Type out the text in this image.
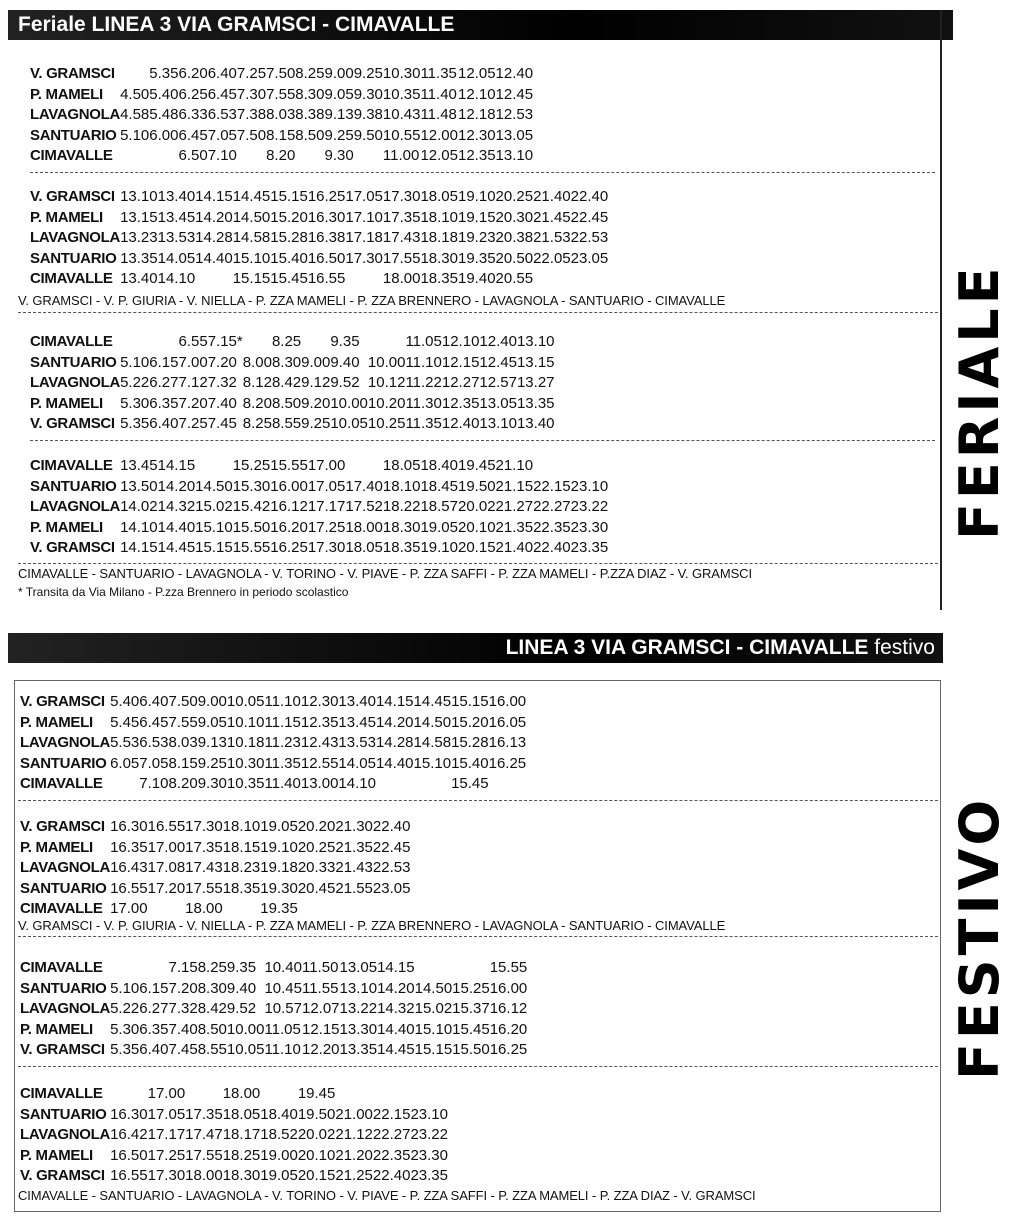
Feriale LINEA 3 VIA GRAMSCI - CIMAVALLE
V. GRAMSCI		5.35	6.20	6.40	7.25	7.50	8.25	9.00	9.25	10.30	11.35	12.05	12.40
P. MAMELI	4.50	5.40	6.25	6.45	7.30	7.55	8.30	9.05	9.30	10.35	11.40	12.10	12.45
LAVAGNOLA	4.58	5.48	6.33	6.53	7.38	8.03	8.38	9.13	9.38	10.43	11.48	12.18	12.53
SANTUARIO	5.10	6.00	6.45	7.05	7.50	8.15	8.50	9.25	9.50	10.55	12.00	12.30	13.05
CIMAVALLE			6.50	7.10		8.20		9.30		11.00	12.05	12.35	13.10
V. GRAMSCI	13.10	13.40	14.15	14.45	15.15	16.25	17.05	17.30	18.05	19.10	20.25	21.40	22.40
P. MAMELI	13.15	13.45	14.20	14.50	15.20	16.30	17.10	17.35	18.10	19.15	20.30	21.45	22.45
LAVAGNOLA	13.23	13.53	14.28	14.58	15.28	16.38	17.18	17.43	18.18	19.23	20.38	21.53	22.53
SANTUARIO	13.35	14.05	14.40	15.10	15.40	16.50	17.30	17.55	18.30	19.35	20.50	22.05	23.05
CIMAVALLE	13.40	14.10		15.15	15.45	16.55		18.00	18.35	19.40	20.55		
CIMAVALLE			6.55	7.15*		8.25		9.35		11.05	12.10	12.40	13.10
SANTUARIO	5.10	6.15	7.00	7.20	8.00	8.30	9.00	9.40	10.00	11.10	12.15	12.45	13.15
LAVAGNOLA	5.22	6.27	7.12	7.32	8.12	8.42	9.12	9.52	10.12	11.22	12.27	12.57	13.27
P. MAMELI	5.30	6.35	7.20	7.40	8.20	8.50	9.20	10.00	10.20	11.30	12.35	13.05	13.35
V. GRAMSCI	5.35	6.40	7.25	7.45	8.25	8.55	9.25	10.05	10.25	11.35	12.40	13.10	13.40
CIMAVALLE	13.45	14.15		15.25	15.55	17.00		18.05	18.40	19.45	21.10		
SANTUARIO	13.50	14.20	14.50	15.30	16.00	17.05	17.40	18.10	18.45	19.50	21.15	22.15	23.10
LAVAGNOLA	14.02	14.32	15.02	15.42	16.12	17.17	17.52	18.22	18.57	20.02	21.27	22.27	23.22
P. MAMELI	14.10	14.40	15.10	15.50	16.20	17.25	18.00	18.30	19.05	20.10	21.35	22.35	23.30
V. GRAMSCI	14.15	14.45	15.15	15.55	16.25	17.30	18.05	18.35	19.10	20.15	21.40	22.40	23.35
V. GRAMSCI - V. P. GIURIA - V. NIELLA - P. ZZA MAMELI - P. ZZA BRENNERO - LAVAGNOLA - SANTUARIO - CIMAVALLE
CIMAVALLE - SANTUARIO - LAVAGNOLA - V. TORINO - V. PIAVE - P. ZZA SAFFI - P. ZZA MAMELI - P.ZZA DIAZ - V. GRAMSCI
* Transita da Via Milano - P.zza Brennero in periodo scolastico
FERIALE
LINEA 3 VIA GRAMSCI - CIMAVALLE festivo
V. GRAMSCI	5.40	6.40	7.50	9.00	10.05	11.10	12.30	13.40	14.15	14.45	15.15	16.00
P. MAMELI	5.45	6.45	7.55	9.05	10.10	11.15	12.35	13.45	14.20	14.50	15.20	16.05
LAVAGNOLA	5.53	6.53	8.03	9.13	10.18	11.23	12.43	13.53	14.28	14.58	15.28	16.13
SANTUARIO	6.05	7.05	8.15	9.25	10.30	11.35	12.55	14.05	14.40	15.10	15.40	16.25
CIMAVALLE		7.10	8.20	9.30	10.35	11.40	13.00	14.10			15.45	
V. GRAMSCI	16.30	16.55	17.30	18.10	19.05	20.20	21.30	22.40				
P. MAMELI	16.35	17.00	17.35	18.15	19.10	20.25	21.35	22.45				
LAVAGNOLA	16.43	17.08	17.43	18.23	19.18	20.33	21.43	22.53				
SANTUARIO	16.55	17.20	17.55	18.35	19.30	20.45	21.55	23.05				
CIMAVALLE	17.00		18.00		19.35							
CIMAVALLE			7.15	8.25	9.35	10.40	11.50	13.05	14.15			15.55
SANTUARIO	5.10	6.15	7.20	8.30	9.40	10.45	11.55	13.10	14.20	14.50	15.25	16.00
LAVAGNOLA	5.22	6.27	7.32	8.42	9.52	10.57	12.07	13.22	14.32	15.02	15.37	16.12
P. MAMELI	5.30	6.35	7.40	8.50	10.00	11.05	12.15	13.30	14.40	15.10	15.45	16.20
V. GRAMSCI	5.35	6.40	7.45	8.55	10.05	11.10	12.20	13.35	14.45	15.15	15.50	16.25
CIMAVALLE		17.00		18.00		19.45						
SANTUARIO	16.30	17.05	17.35	18.05	18.40	19.50	21.00	22.15	23.10			
LAVAGNOLA	16.42	17.17	17.47	18.17	18.52	20.02	21.12	22.27	23.22			
P. MAMELI	16.50	17.25	17.55	18.25	19.00	20.10	21.20	22.35	23.30			
V. GRAMSCI	16.55	17.30	18.00	18.30	19.05	20.15	21.25	22.40	23.35			
V. GRAMSCI - V. P. GIURIA - V. NIELLA - P. ZZA MAMELI - P. ZZA BRENNERO - LAVAGNOLA - SANTUARIO - CIMAVALLE
CIMAVALLE - SANTUARIO - LAVAGNOLA - V. TORINO - V. PIAVE - P. ZZA SAFFI - P. ZZA MAMELI - P. ZZA DIAZ - V. GRAMSCI
FESTIVO
